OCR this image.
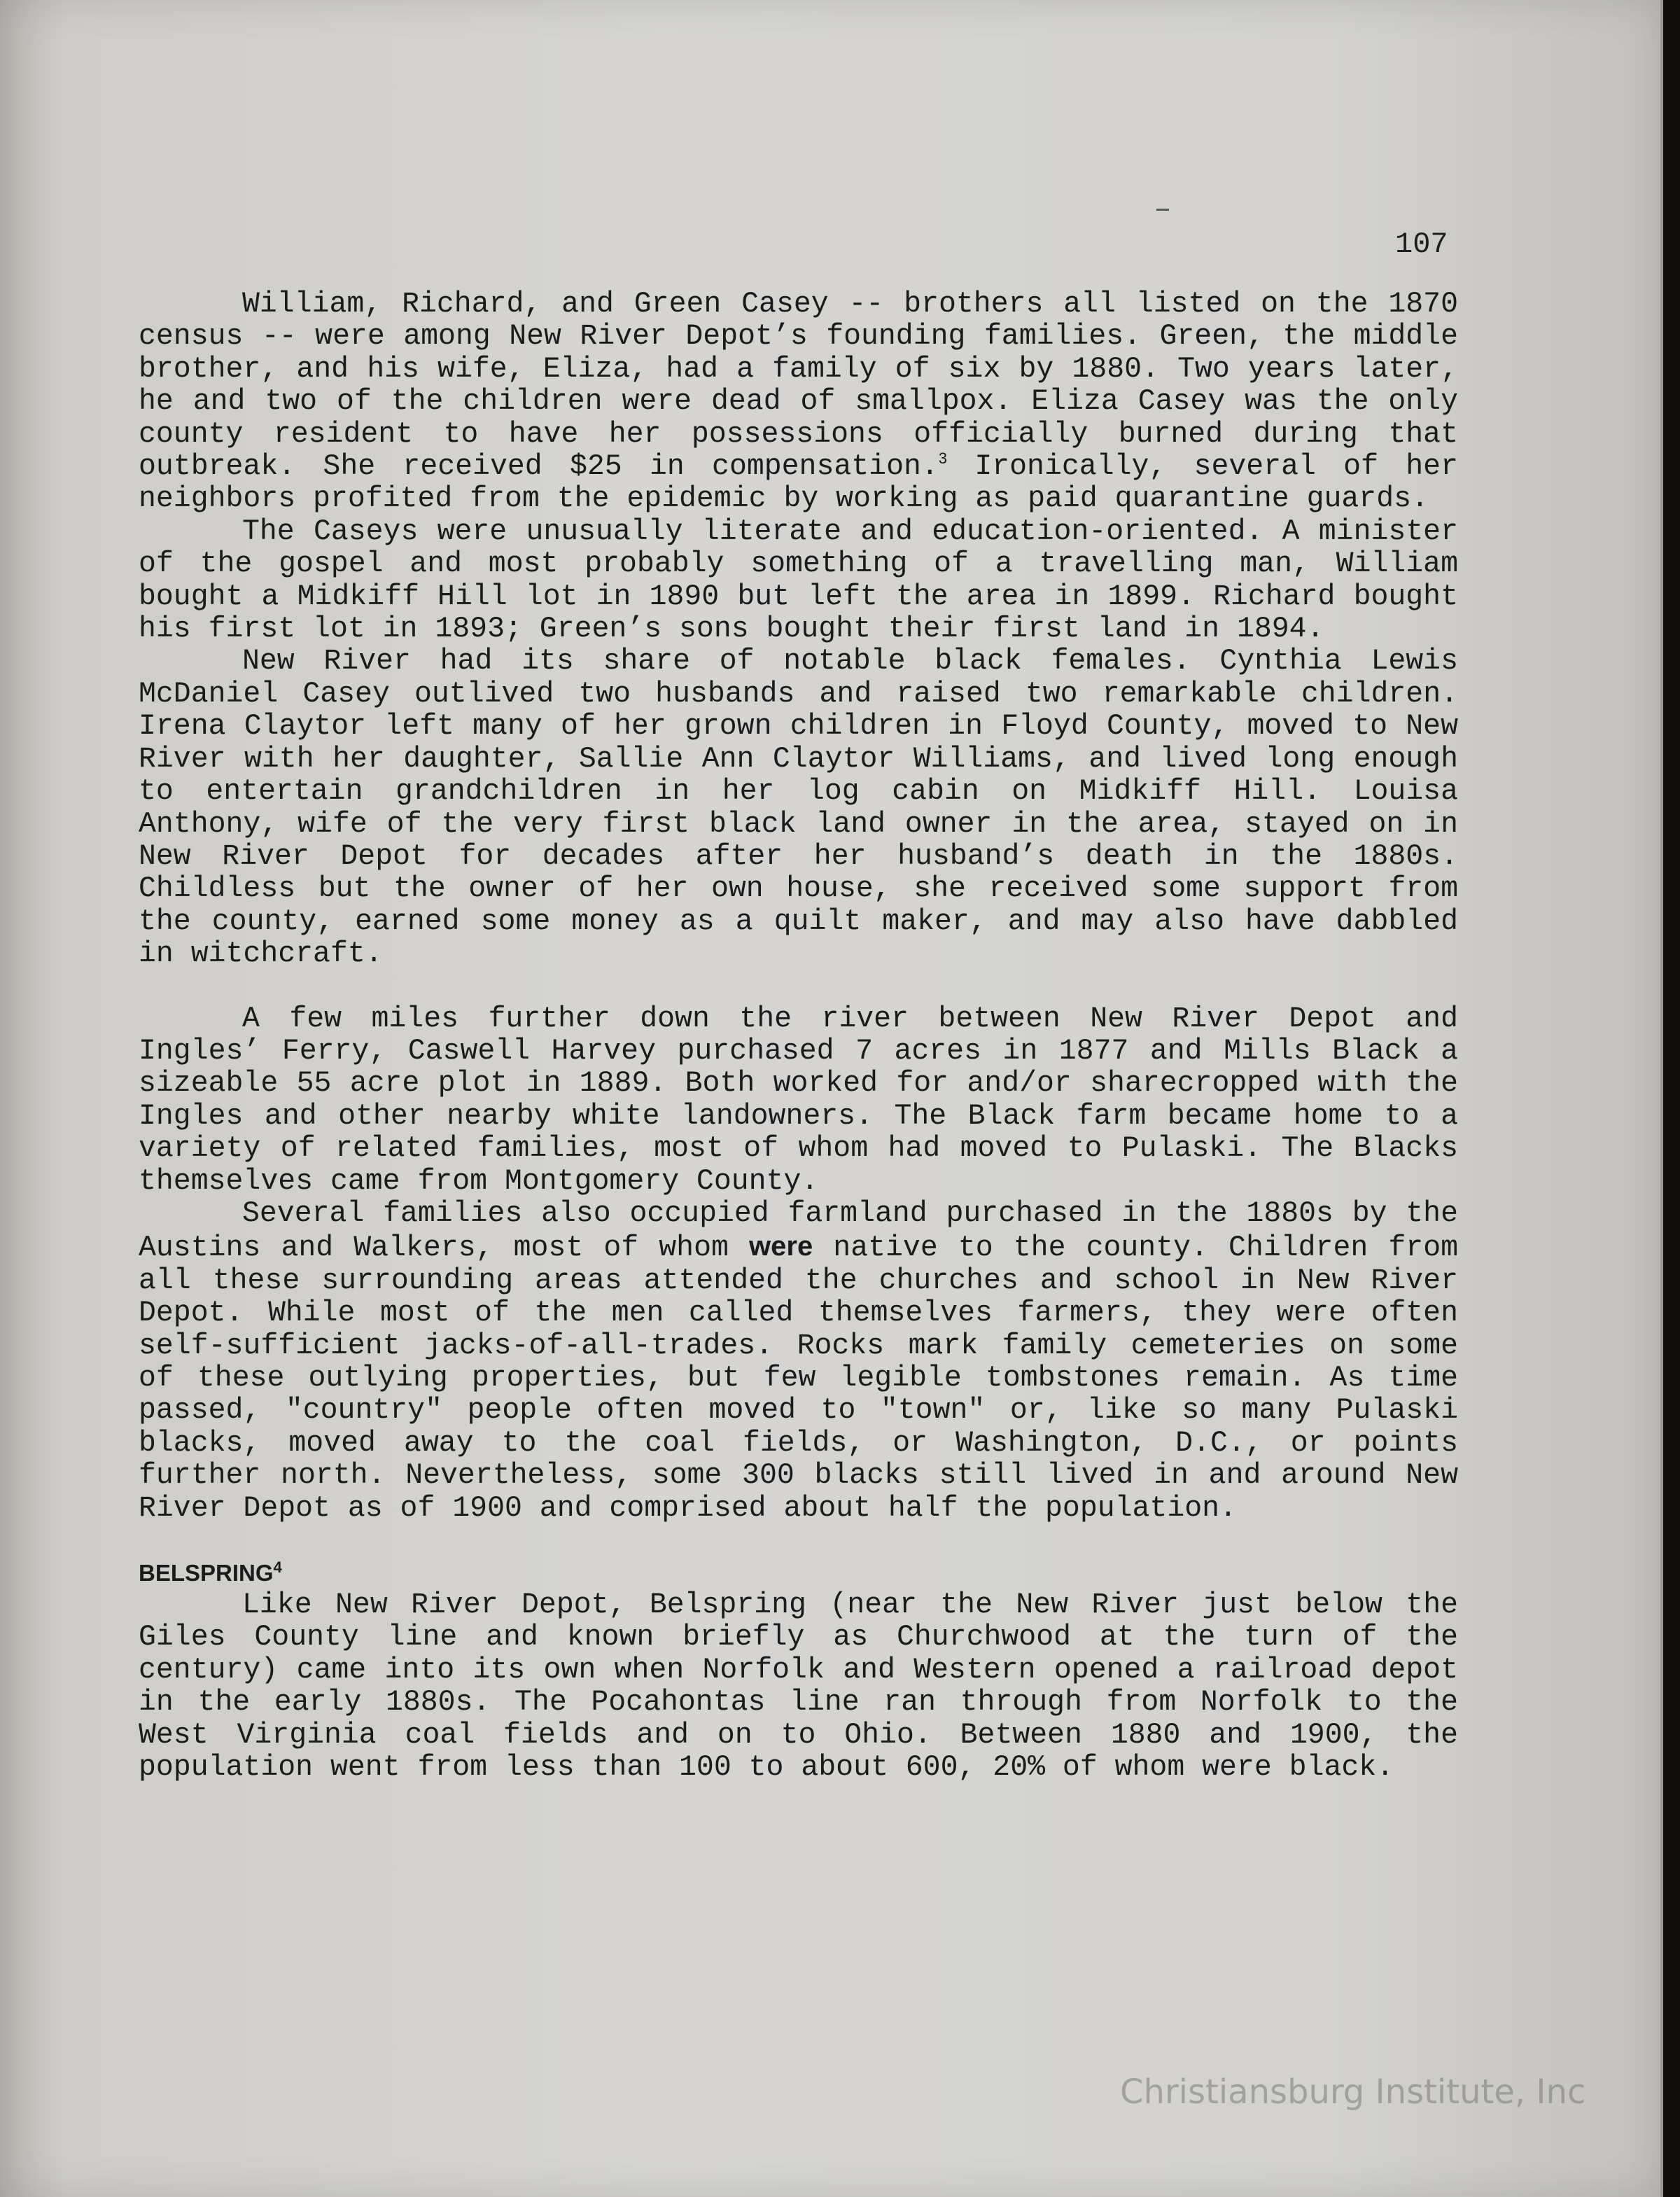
107

William, Richard, and Green Casey -- brothers all listed on the 1870 census -- were among New River Depot’s founding families. Green, the middle brother, and his wife, Eliza, had a family of six by 1880. Two years later, he and two of the children were dead of smallpox. Eliza Casey was the only county resident to have her possessions officially burned during that outbreak. She received $25 in compensation.$^3$ Ironically, several of her neighbors profited from the epidemic by working as paid quarantine guards.

The Caseys were unusually literate and education-oriented. A minister of the gospel and most probably something of a travelling man, William bought a Midkiff Hill lot in 1890 but left the area in 1899. Richard bought his first lot in 1893; Green’s sons bought their first land in 1894.

New River had its share of notable black females. Cynthia Lewis McDaniel Casey outlived two husbands and raised two remarkable children. Irena Claytor left many of her grown children in Floyd County, moved to New River with her daughter, Sallie Ann Claytor Williams, and lived long enough to entertain grandchildren in her log cabin on Midkiff Hill. Louisa Anthony, wife of the very first black land owner in the area, stayed on in New River Depot for decades after her husband’s death in the 1880s. Childless but the owner of her own house, she received some support from the county, earned some money as a quilt maker, and may also have dabbled in witchcraft.

A few miles further down the river between New River Depot and Ingles’ Ferry, Caswell Harvey purchased 7 acres in 1877 and Mills Black a sizeable 55 acre plot in 1889. Both worked for and/or sharecropped with the Ingles and other nearby white landowners. The Black farm became home to a variety of related families, most of whom had moved to Pulaski. The Blacks themselves came from Montgomery County.

Several families also occupied farmland purchased in the 1880s by the Austins and Walkers, most of whom were native to the county. Children from all these surrounding areas attended the churches and school in New River Depot. While most of the men called themselves farmers, they were often self-sufficient jacks-of-all-trades. Rocks mark family cemeteries on some of these outlying properties, but few legible tombstones remain. As time passed, "country" people often moved to "town" or, like so many Pulaski blacks, moved away to the coal fields, or Washington, D.C., or points further north. Nevertheless, some 300 blacks still lived in and around New River Depot as of 1900 and comprised about half the population.

BELSPRING$^4$

Like New River Depot, Belspring (near the New River just below the Giles County line and known briefly as Churchwood at the turn of the century) came into its own when Norfolk and Western opened a railroad depot in the early 1880s. The Pocahontas line ran through from Norfolk to the West Virginia coal fields and on to Ohio. Between 1880 and 1900, the population went from less than 100 to about 600, 20% of whom were black.

Christiansburg Institute, Inc
